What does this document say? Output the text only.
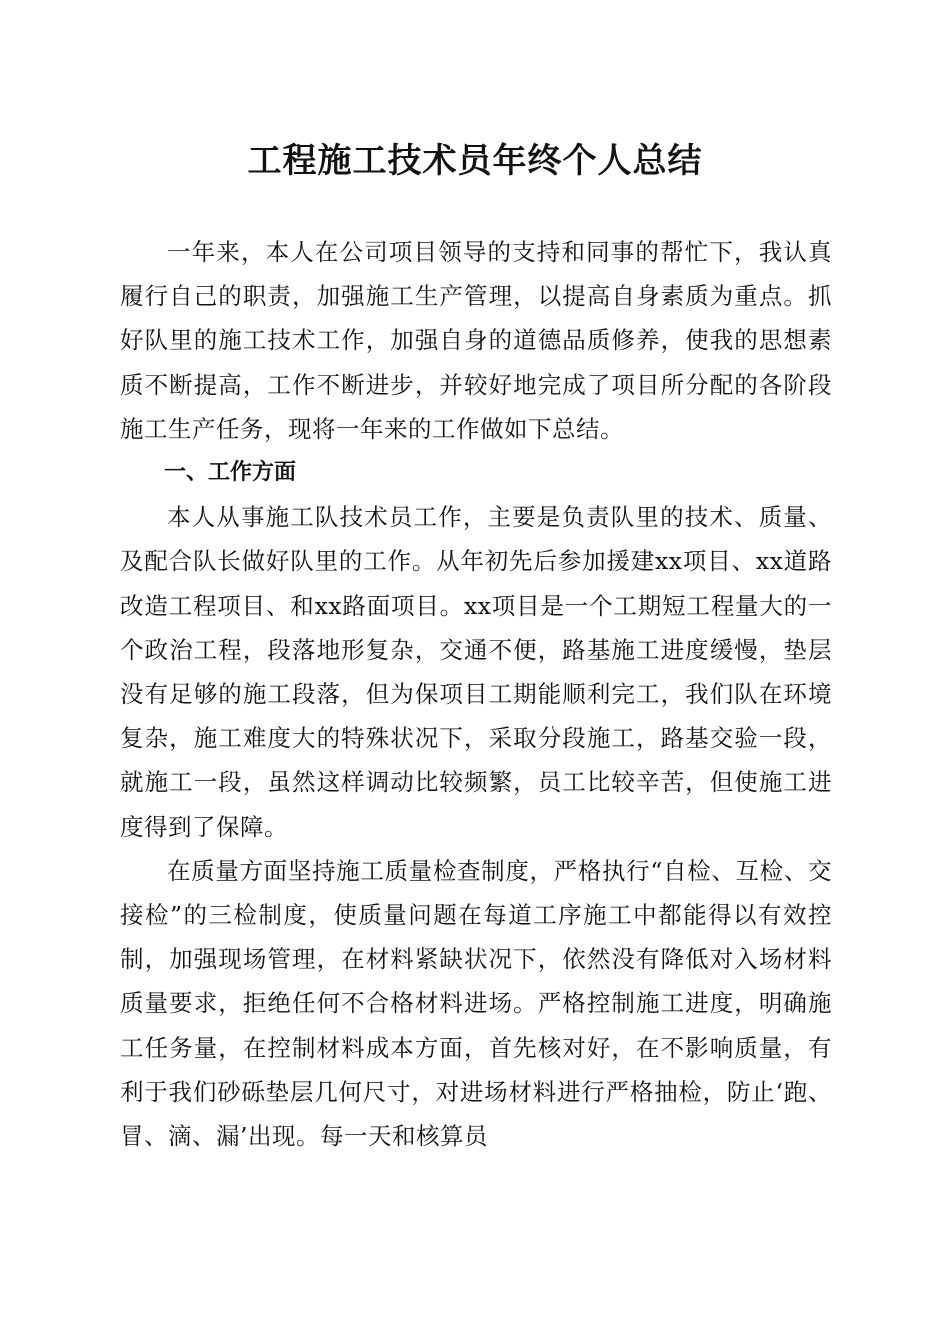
工程施工技术员年终个人总结

一年来，本人在公司项目领导的支持和同事的帮忙下，我认真履行自己的职责，加强施工生产管理，以提高自身素质为重点。抓好队里的施工技术工作，加强自身的道德品质修养，使我的思想素质不断提高，工作不断进步，并较好地完成了项目所分配的各阶段施工生产任务，现将一年来的工作做如下总结。

一、工作方面

本人从事施工队技术员工作，主要是负责队里的技术、质量、及配合队长做好队里的工作。从年初先后参加援建xx项目、xx道路改造工程项目、和xx路面项目。xx项目是一个工期短工程量大的一个政治工程，段落地形复杂，交通不便，路基施工进度缓慢，垫层没有足够的施工段落，但为保项目工期能顺利完工，我们队在环境复杂，施工难度大的特殊状况下，采取分段施工，路基交验一段，就施工一段，虽然这样调动比较频繁，员工比较辛苦，但使施工进度得到了保障。

在质量方面坚持施工质量检查制度，严格执行“自检、互检、交接检”的三检制度，使质量问题在每道工序施工中都能得以有效控制，加强现场管理，在材料紧缺状况下，依然没有降低对入场材料质量要求，拒绝任何不合格材料进场。严格控制施工进度，明确施工任务量，在控制材料成本方面，首先核对好，在不影响质量，有利于我们砂砾垫层几何尺寸，对进场材料进行严格抽检，防止‘跑、冒、滴、漏’出现。每一天和核算员
